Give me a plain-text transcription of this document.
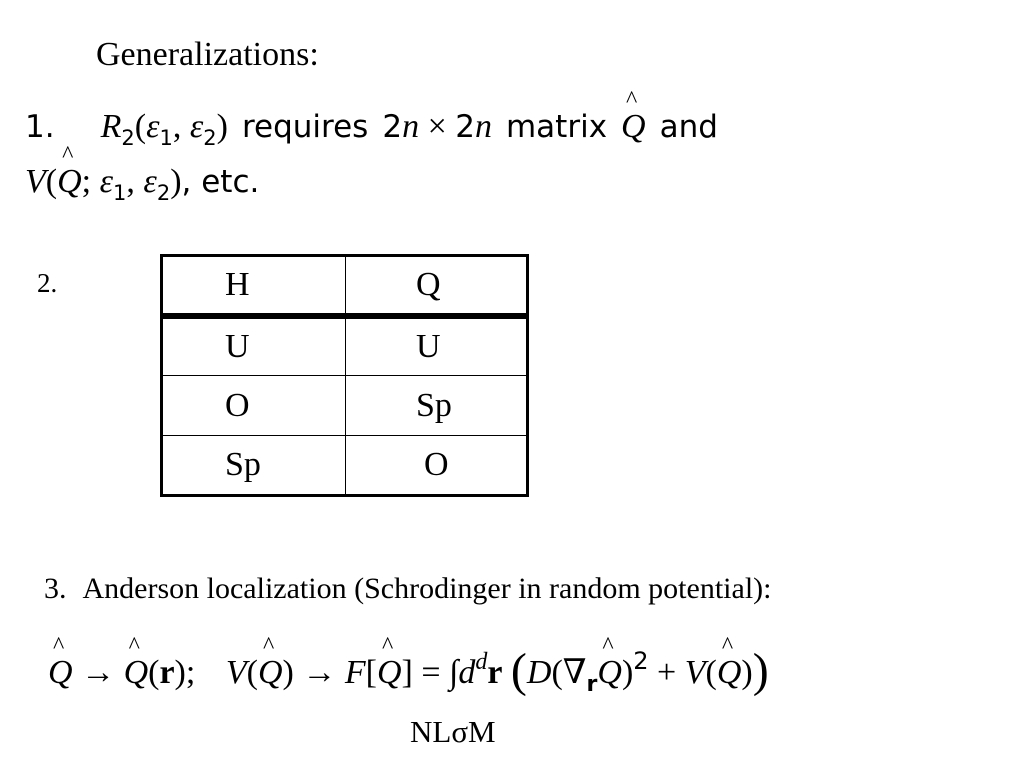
Generalizations:
1. R2(ε1, ε2) requires 2n × 2n matrix ^ Q and
V(^ Q; ε1, ε2), etc.
2.	H	Q
U	U
O	Sp
Sp	O
3. Anderson localization (Schrodinger in random potential):
^ Q → ^ Q(r); V(^ Q) → F[^ Q] = ∫ddr (D(∇r^ Q)2 + V(^ Q))
NLσM
